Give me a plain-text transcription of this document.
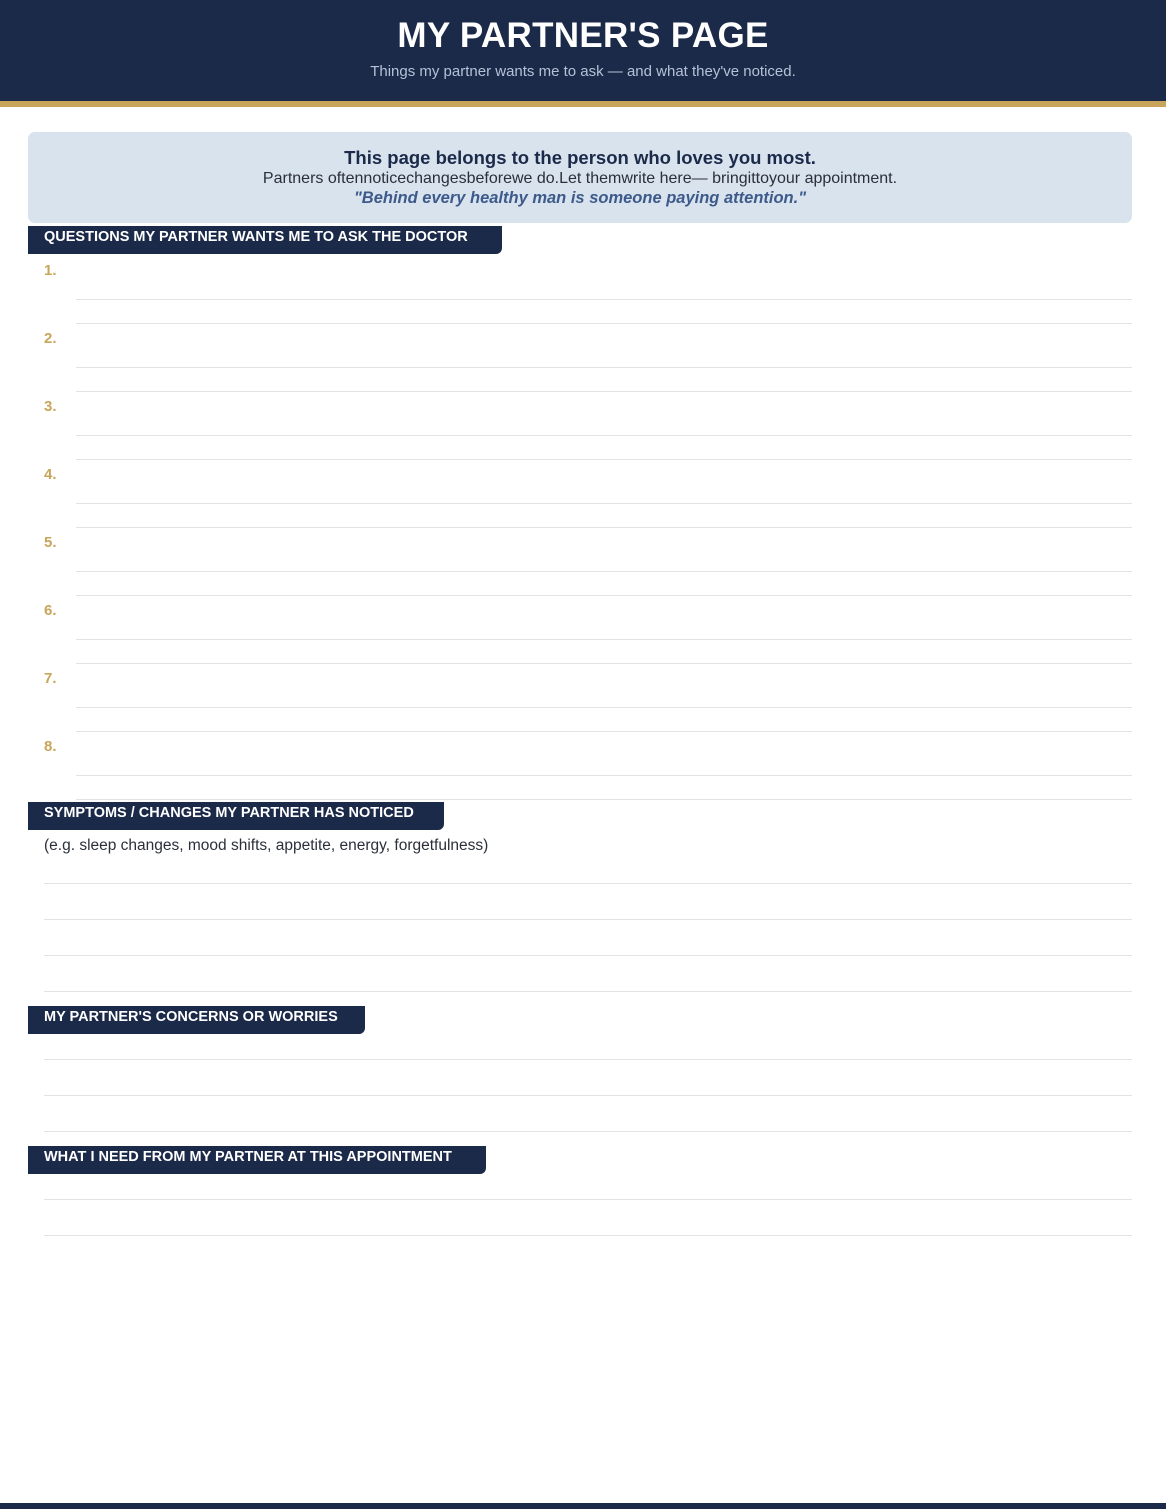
MY PARTNER'S PAGE
Things my partner wants me to ask — and what they've noticed.
This page belongs to the person who loves you most.
Partners oftennoticechangesbeforewe do.Let themwrite here— bringittoyour appointment.
"Behind every healthy man is someone paying attention."
QUESTIONS MY PARTNER WANTS ME TO ASK THE DOCTOR
1.
2.
3.
4.
5.
6.
7.
8.
SYMPTOMS / CHANGES MY PARTNER HAS NOTICED
(e.g. sleep changes, mood shifts, appetite, energy, forgetfulness)
MY PARTNER'S CONCERNS OR WORRIES
WHAT I NEED FROM MY PARTNER AT THIS APPOINTMENT
